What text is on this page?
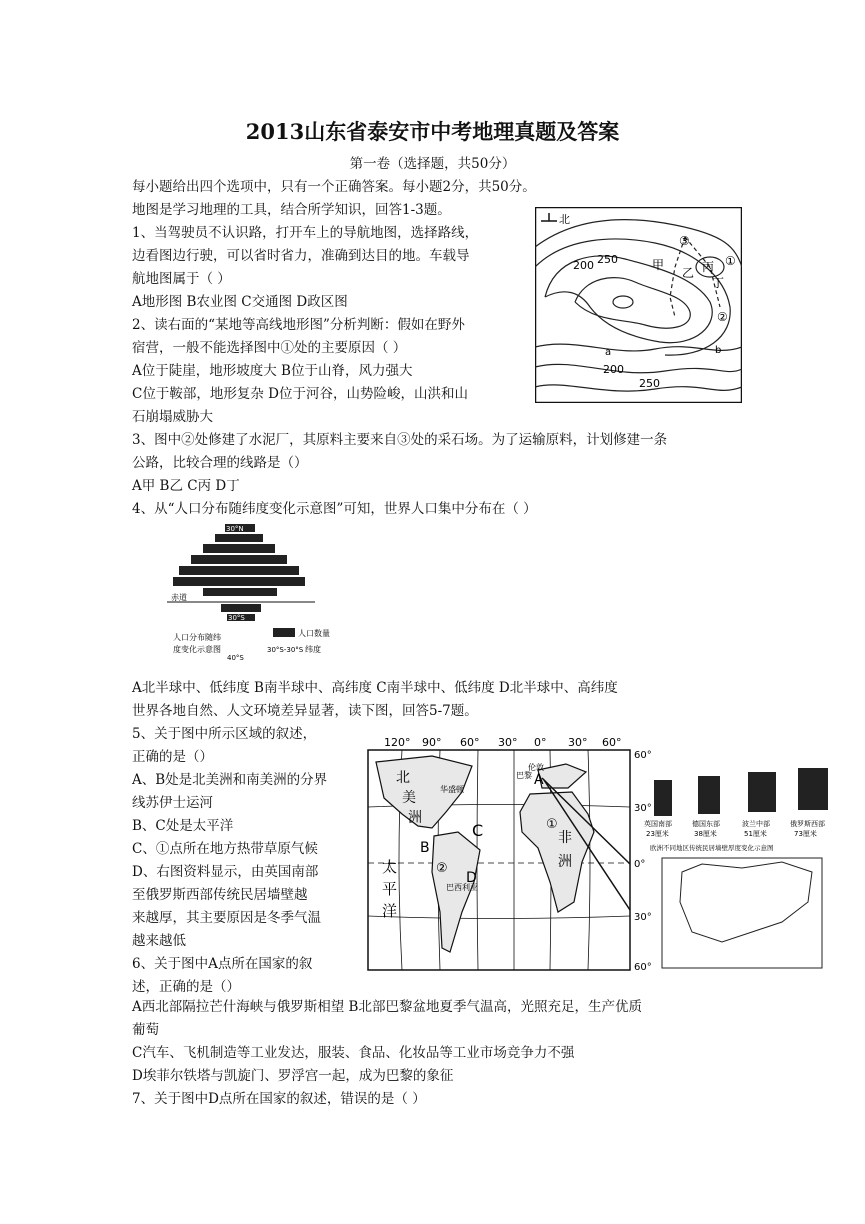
2013山东省泰安市中考地理真题及答案
第一卷（选择题，共50分）
每小题给出四个选项中，只有一个正确答案。每小题2分，共50分。
地图是学习地理的工具，结合所学知识，回答1-3题。
1、当驾驶员不认识路，打开车上的导航地图，选择路线，
边看图边行驶，可以省时省力，准确到达目的地。车载导
航地图属于（ ）
A地形图 B农业图 C交通图 D政区图
2、读右面的“某地等高线地形图”分析判断：假如在野外
宿营，一般不能选择图中①处的主要原因（ ）
A位于陡崖，地形坡度大 B位于山脊，风力强大
C位于鞍部，地形复杂 D位于河谷，山势险峻，山洪和山
石崩塌威胁大
北
200 250	甲
乙 丙
丁
③
①
②
a	b
200
250
3、图中②处修建了水泥厂，其原料主要来自③处的采石场。为了运输原料，计划修建一条
公路，比较合理的线路是（）
A甲 B乙 C丙 D丁
4、从“人口分布随纬度变化示意图”可知，世界人口集中分布在（ ）
30°N
赤道
30°S
40°S
人口分布随纬
度变化示意图
人口数量
30°S-30°S 纬度
A北半球中、低纬度 B南半球中、高纬度 C南半球中、低纬度 D北半球中、高纬度
世界各地自然、人文环境差异显著，读下图，回答5-7题。
5、关于图中所示区域的叙述，
正确的是（）
A、B处是北美洲和南美洲的分界
线苏伊士运河
B、C处是太平洋
C、①点所在地方热带草原气候
D、右图资料显示，由英国南部
至俄罗斯西部传统民居墙壁越
来越厚，其主要原因是冬季气温
越来越低
6、关于图中A点所在国家的叙
述，正确的是（）
120° 90° 60° 30° 0° 30° 60°
60°
30°
0°
30°
60°
北
美
洲
太
平
洋
非
洲
C
A
B
D
①
②
巴黎
伦敦
华盛顿
巴西利亚
英国南部
23厘米
德国东部
38厘米
波兰中部
51厘米
俄罗斯西部
73厘米
欧洲不同地区传统民居墙壁厚度变化示意图
A西北部隔拉芒什海峡与俄罗斯相望 B北部巴黎盆地夏季气温高，光照充足，生产优质
葡萄
C汽车、飞机制造等工业发达，服装、食品、化妆品等工业市场竞争力不强
D埃菲尔铁塔与凯旋门、罗浮宫一起，成为巴黎的象征
7、关于图中D点所在国家的叙述，错误的是（ ）
